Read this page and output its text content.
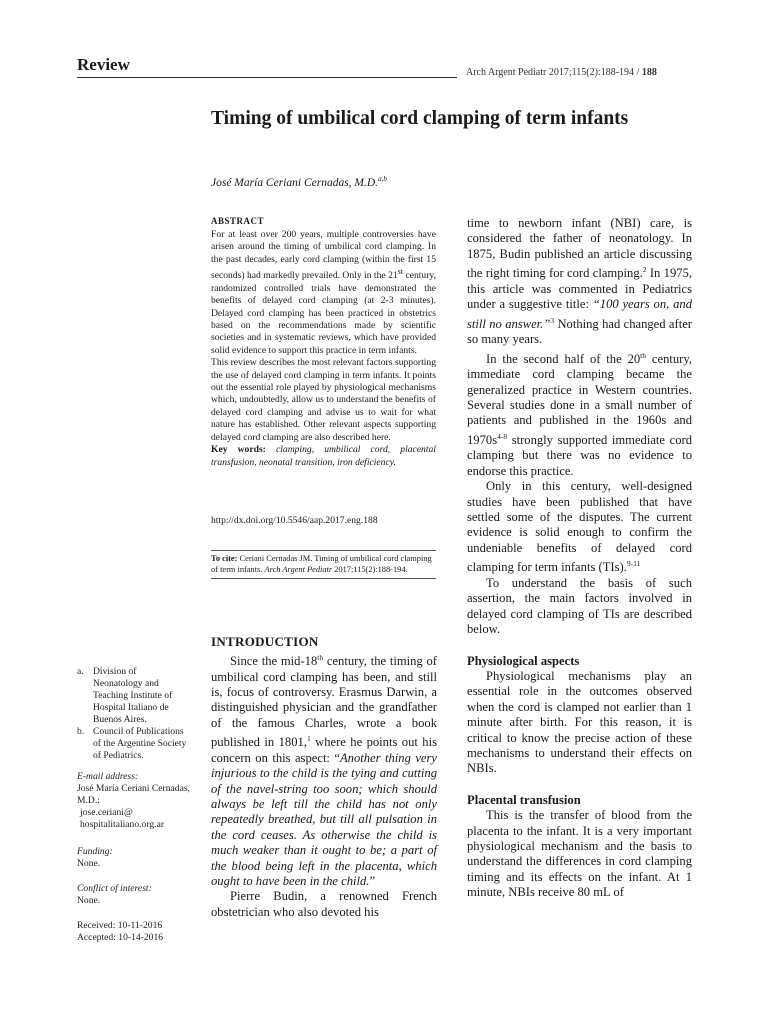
Review	Arch Argent Pediatr 2017;115(2):188-194 / 188
Timing of umbilical cord clamping of term infants
José María Ceriani Cernadas, M.D.$^{a,b}$
ABSTRACT

For at least over 200 years, multiple controversies have arisen around the timing of umbilical cord clamping. In the past decades, early cord clamping (within the first 15 seconds) had markedly prevailed. Only in the 21st century, randomized controlled trials have demonstrated the benefits of delayed cord clamping (at 2-3 minutes). Delayed cord clamping has been practiced in obstetrics based on the recommendations made by scientific societies and in systematic reviews, which have provided solid evidence to support this practice in term infants.

This review describes the most relevant factors supporting the use of delayed cord clamping in term infants. It points out the essential role played by physiological mechanisms which, undoubtedly, allow us to understand the benefits of delayed cord clamping and advise us to wait for what nature has established. Other relevant aspects supporting delayed cord clamping are also described here.

Key words: clamping, umbilical cord, placental transfusion, neonatal transition, iron deficiency.

http://dx.doi.org/10.5546/aap.2017.eng.188
To cite: Ceriani Cernadas JM. Timing of umbilical cord clamping of term infants. Arch Argent Pediatr 2017;115(2):188-194.
a. Division of Neonatology and Teaching Institute of Hospital Italiano de Buenos Aires.
b. Council of Publications of the Argentine Society of Pediatrics.
E-mail address:
José María Ceriani Cernadas, M.D.:
jose.ceriani@ hospitalitaliano.org.ar
Funding:
None.
Conflict of interest:
None.
Received: 10-11-2016
Accepted: 10-14-2016
INTRODUCTION

Since the mid-18th century, the timing of umbilical cord clamping has been, and still is, focus of controversy. Erasmus Darwin, a distinguished physician and the grandfather of the famous Charles, wrote a book published in 1801,$^1$ where he points out his concern on this aspect: “Another thing very injurious to the child is the tying and cutting of the navel-string too soon; which should always be left till the child has not only repeatedly breathed, but till all pulsation in the cord ceases. As otherwise the child is much weaker than it ought to be; a part of the blood being left in the placenta, which ought to have been in the child.”

Pierre Budin, a renowned French obstetrician who also devoted his

time to newborn infant (NBI) care, is considered the father of neonatology. In 1875, Budin published an article discussing the right timing for cord clamping.$^2$ In 1975, this article was commented in Pediatrics under a suggestive title: “100 years on, and still no answer.”$^3$ Nothing had changed after so many years.

In the second half of the 20th century, immediate cord clamping became the generalized practice in Western countries. Several studies done in a small number of patients and published in the 1960s and $1970s^{4-8}$ strongly supported immediate cord clamping but there was no evidence to endorse this practice.

Only in this century, well-designed studies have been published that have settled some of the disputes. The current evidence is solid enough to confirm the undeniable benefits of delayed cord clamping for term infants (TIs).$^{9-11}$

To understand the basis of such assertion, the main factors involved in delayed cord clamping of TIs are described below.

Physiological aspects

Physiological mechanisms play an essential role in the outcomes observed when the cord is clamped not earlier than 1 minute after birth. For this reason, it is critical to know the precise action of these mechanisms to understand their effects on NBIs.

Placental transfusion

This is the transfer of blood from the placenta to the infant. It is a very important physiological mechanism and the basis to understand the differences in cord clamping timing and its effects on the infant. At 1 minute, NBIs receive 80 mL of
